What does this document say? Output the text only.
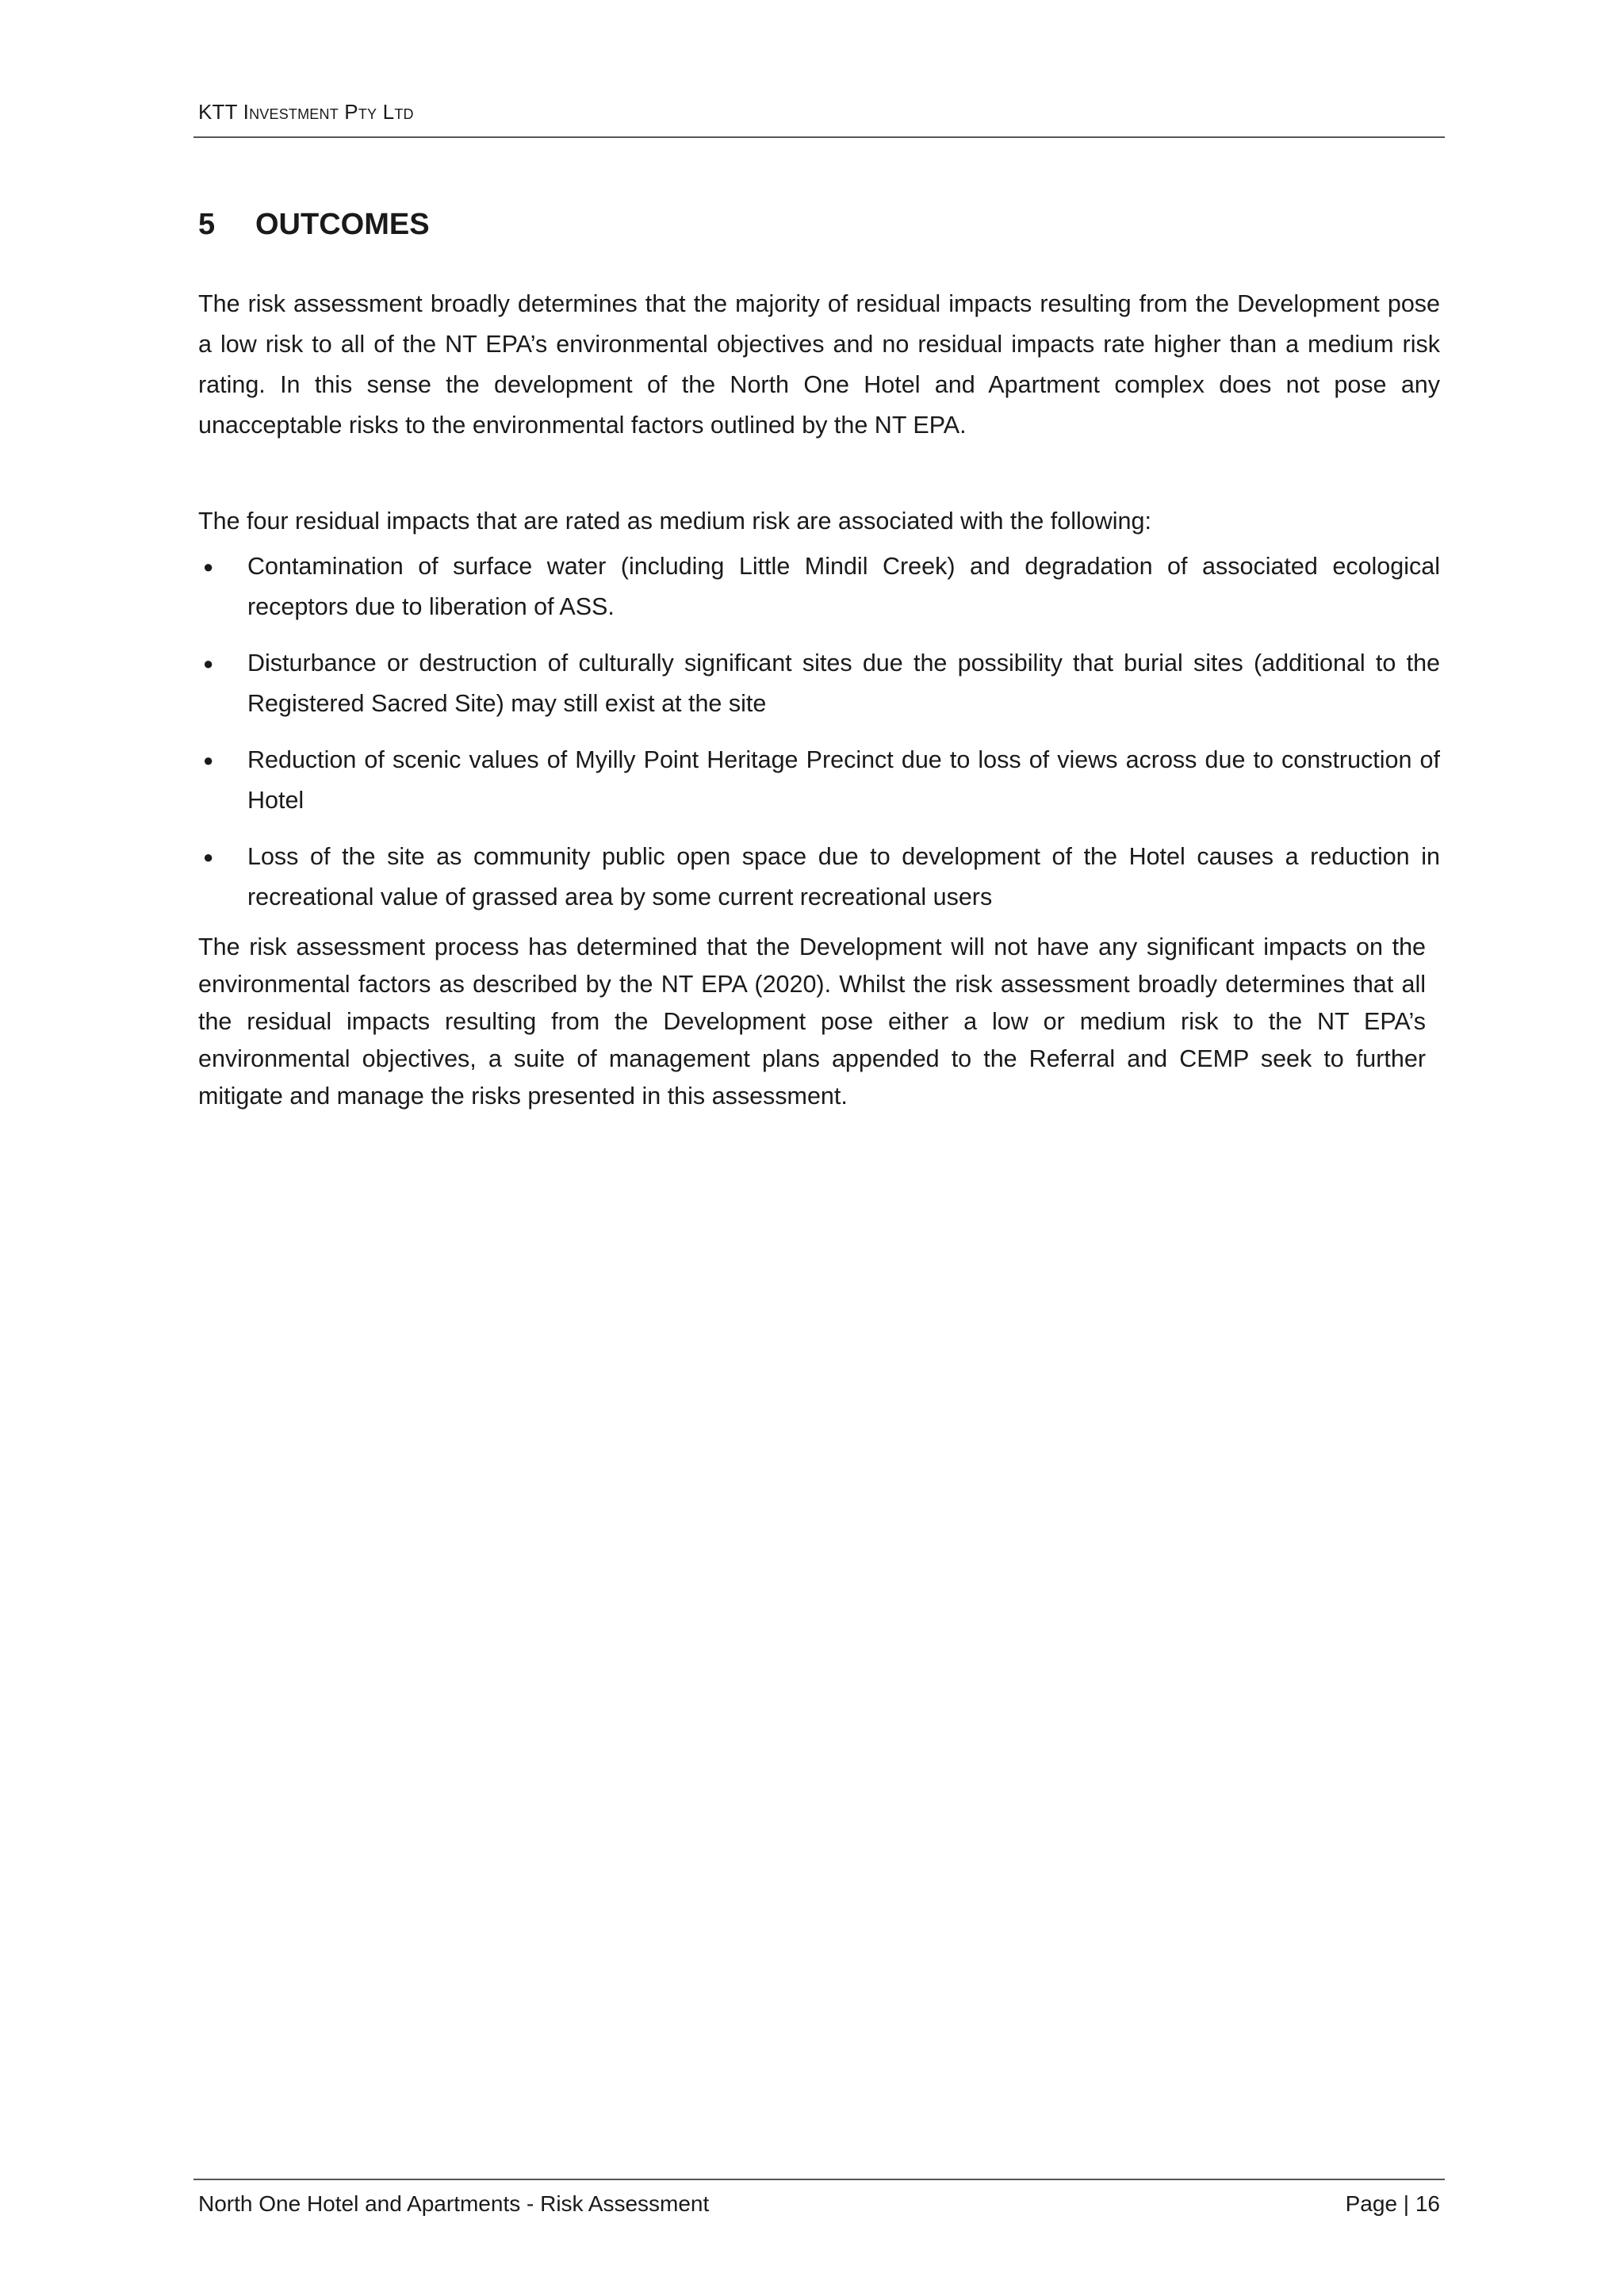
KTT Investment Pty Ltd
5	OUTCOMES

The risk assessment broadly determines that the majority of residual impacts resulting from the Development pose a low risk to all of the NT EPA’s environmental objectives and no residual impacts rate higher than a medium risk rating. In this sense the development of the North One Hotel and Apartment complex does not pose any unacceptable risks to the environmental factors outlined by the NT EPA.

The four residual impacts that are rated as medium risk are associated with the following:

● Contamination of surface water (including Little Mindil Creek) and degradation of associated ecological receptors due to liberation of ASS.
● Disturbance or destruction of culturally significant sites due the possibility that burial sites (additional to the Registered Sacred Site) may still exist at the site
● Reduction of scenic values of Myilly Point Heritage Precinct due to loss of views across due to construction of Hotel
● Loss of the site as community public open space due to development of the Hotel causes a reduction in recreational value of grassed area by some current recreational users

The risk assessment process has determined that the Development will not have any significant impacts on the environmental factors as described by the NT EPA (2020). Whilst the risk assessment broadly determines that all the residual impacts resulting from the Development pose either a low or medium risk to the NT EPA’s environmental objectives, a suite of management plans appended to the Referral and CEMP seek to further mitigate and manage the risks presented in this assessment.

North One Hotel and Apartments - Risk Assessment	Page | 16
